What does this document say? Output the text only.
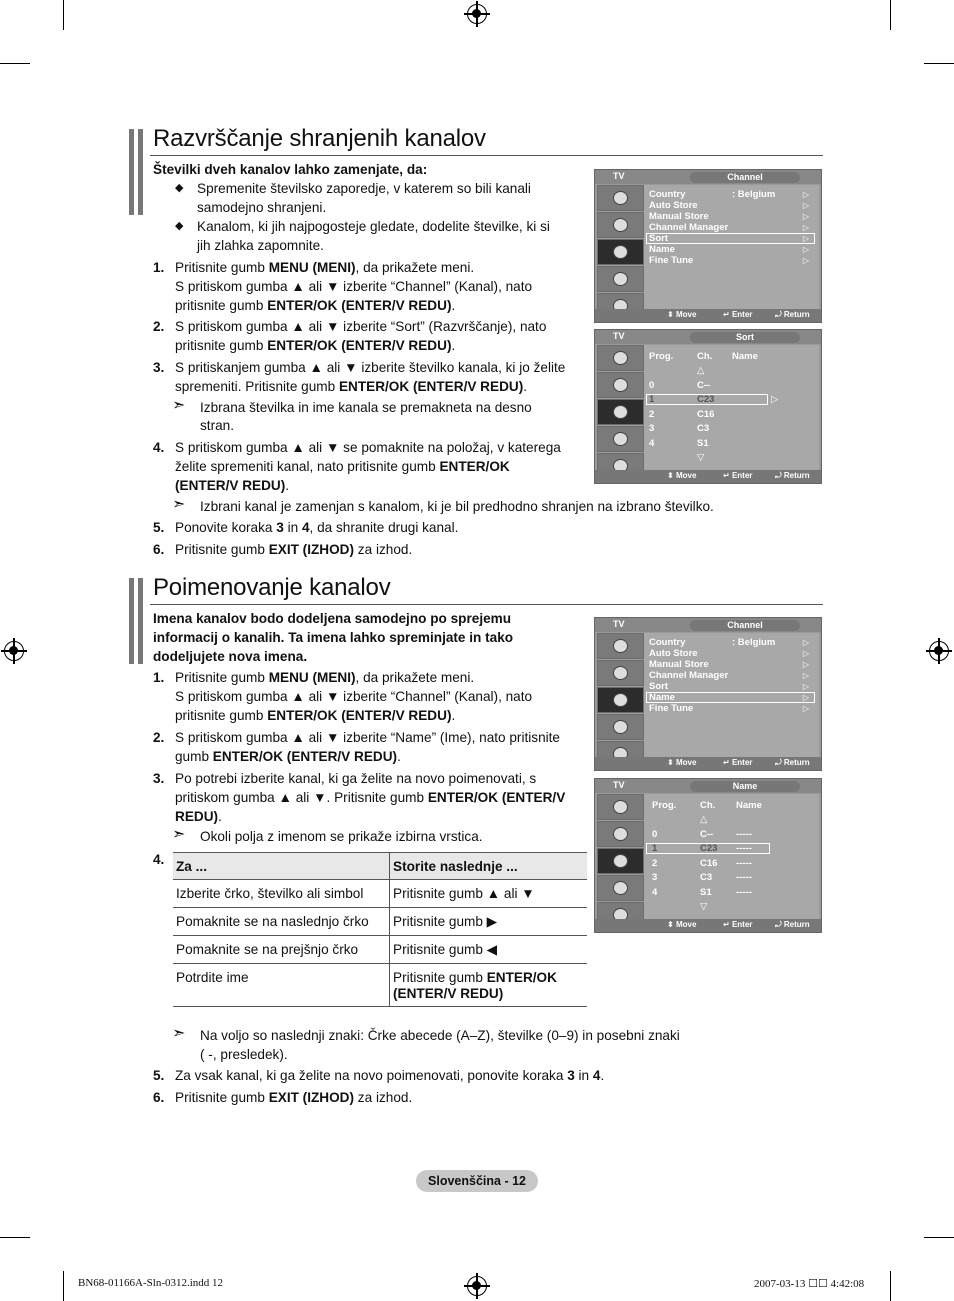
Razvrščanje shranjenih kanalov
Številki dveh kanalov lahko zamenjate, da:
◆ Spremenite številsko zaporedje, v katerem so bili kanali
samodejno shranjeni.
◆ Kanalom, ki jih najpogosteje gledate, dodelite številke, ki si
jih zlahka zapomnite.
1. Pritisnite gumb MENU (MENI), da prikažete meni.
S pritiskom gumba ▲ ali ▼ izberite “Channel” (Kanal), nato
pritisnite gumb ENTER/OK (ENTER/V REDU).
2. S pritiskom gumba ▲ ali ▼ izberite “Sort” (Razvrščanje), nato
pritisnite gumb ENTER/OK (ENTER/V REDU).
3. S pritiskanjem gumba ▲ ali ▼ izberite številko kanala, ki jo želite
spremeniti. Pritisnite gumb ENTER/OK (ENTER/V REDU).
➣ Izbrana številka in ime kanala se premakneta na desno
stran.
4. S pritiskom gumba ▲ ali ▼ se pomaknite na položaj, v katerega
želite spremeniti kanal, nato pritisnite gumb ENTER/OK
(ENTER/V REDU).
➣ Izbrani kanal je zamenjan s kanalom, ki je bil predhodno shranjen na izbrano številko.
5. Ponovite koraka 3 in 4, da shranite drugi kanal.
6. Pritisnite gumb EXIT (IZHOD) za izhod.
TV	Channel
Country	: Belgium
Auto Store
Manual Store
Channel Manager
Sort
Name
Fine Tune
▷
▷
▷
▷
▷
▷
▷
⬍ Move	↵ Enter	⤾ Return
TV	Sort
Prog. Ch. Name
△
▷
0	C--
1	C23
2	C16
3	C3
4	S1
▽
⬍ Move	↵ Enter	⤾ Return
Poimenovanje kanalov
Imena kanalov bodo dodeljena samodejno po sprejemu
informacij o kanalih. Ta imena lahko spreminjate in tako
dodeljujete nova imena.
1. Pritisnite gumb MENU (MENI), da prikažete meni.
S pritiskom gumba ▲ ali ▼ izberite “Channel” (Kanal), nato
pritisnite gumb ENTER/OK (ENTER/V REDU).
2. S pritiskom gumba ▲ ali ▼ izberite “Name” (Ime), nato pritisnite
gumb ENTER/OK (ENTER/V REDU).
3. Po potrebi izberite kanal, ki ga želite na novo poimenovati, s
pritiskom gumba ▲ ali ▼. Pritisnite gumb ENTER/OK (ENTER/V
REDU).
➣ Okoli polja z imenom se prikaže izbirna vrstica.
4. Za ...	Storite naslednje ...
Izberite črko, številko ali simbol	Pritisnite gumb ▲ ali ▼
Pomaknite se na naslednjo črko	Pritisnite gumb ▶
Pomaknite se na prejšnjo črko	Pritisnite gumb ◀
Potrdite ime	Pritisnite gumb ENTER/OK (ENTER/V REDU)
➣ Na voljo so naslednji znaki: Črke abecede (A–Z), številke (0–9) in posebni znaki
( -, presledek).
5. Za vsak kanal, ki ga želite na novo poimenovati, ponovite koraka 3 in 4.
6. Pritisnite gumb EXIT (IZHOD) za izhod.
TV	Channel
Country	: Belgium
Auto Store
Manual Store
Channel Manager
Sort
Name
Fine Tune
▷
▷
▷
▷
▷
▷
▷
⬍ Move	↵ Enter	⤾ Return
TV	Name
Prog. Ch. Name
△
0	C-- -----
1	C23 -----
2	C16 -----
3	C3	-----
4	S1	-----
▽
⬍ Move	↵ Enter	⤾ Return
Slovenščina - 12
BN68-01166A-Sln-0312.indd 12	2007-03-13 ☐☐ 4:42:08
